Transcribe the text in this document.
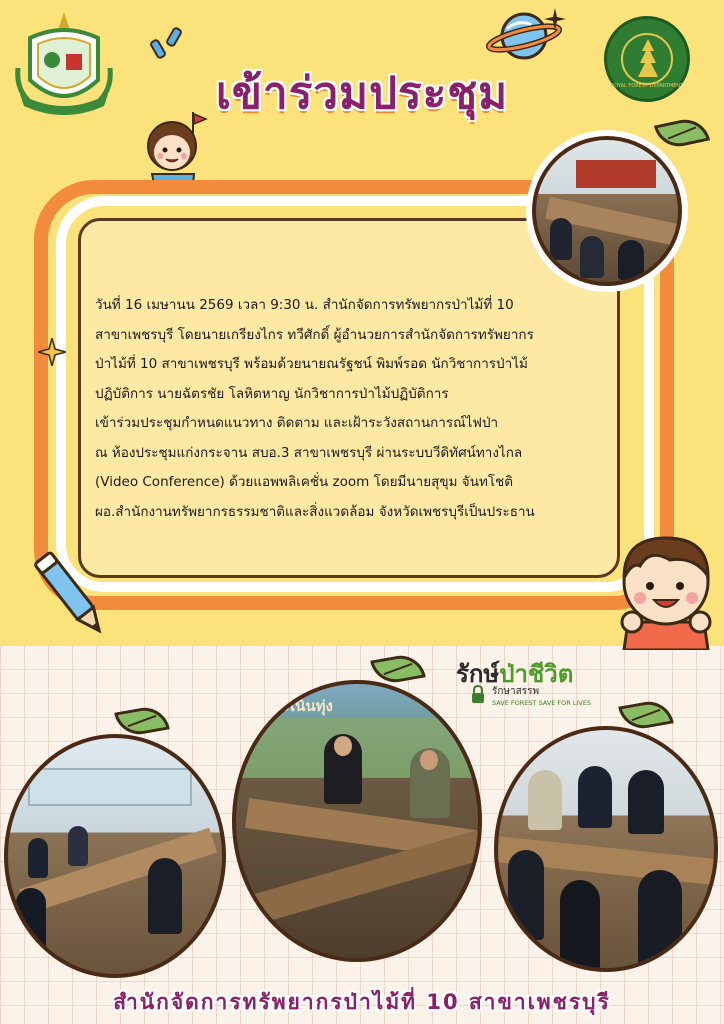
ROYAL FOREST DEPARTMENT
เข้าร่วมประชุม

วันที่ 16 เมษานน 2569 เวลา 9:30 น. สำนักจัดการทรัพยากรป่าไม้ที่ 10
สาขาเพชรบุรี โดยนายเกรียงไกร ทวีศักดิ์ ผู้อำนวยการสำนักจัดการทรัพยากร
ป่าไม้ที่ 10 สาขาเพชรบุรี พร้อมด้วยนายณรัฐชน์ พิมพ์รอด นักวิชาการป่าไม้
ปฏิบัติการ นายฉัตรชัย โลหิตหาญ นักวิชาการป่าไม้ปฏิบัติการ
เข้าร่วมประชุมกำหนดแนวทาง ติดตาม และเฝ้าระวังสถานการณ์ไฟป่า
ณ ห้องประชุมแก่งกระจาน สบอ.3 สาขาเพชรบุรี ผ่านระบบวีดิทัศน์ทางไกล
(Video Conference) ด้วยแอพพลิเคชั่น zoom โดยมีนายสุขุม จันทโชติ
ผอ.สำนักงานทรัพยากรธรรมชาติและสิ่งแวดล้อม จังหวัดเพชรบุรีเป็นประธาน

รักษ์ป่าชีวิต
รักษาสรรพ
SAVE FOREST SAVE FOR LIVES
พะเนินทุ่ง
สำนักจัดการทรัพยากรป่าไม้ที่ 10 สาขาเพชรบุรี
